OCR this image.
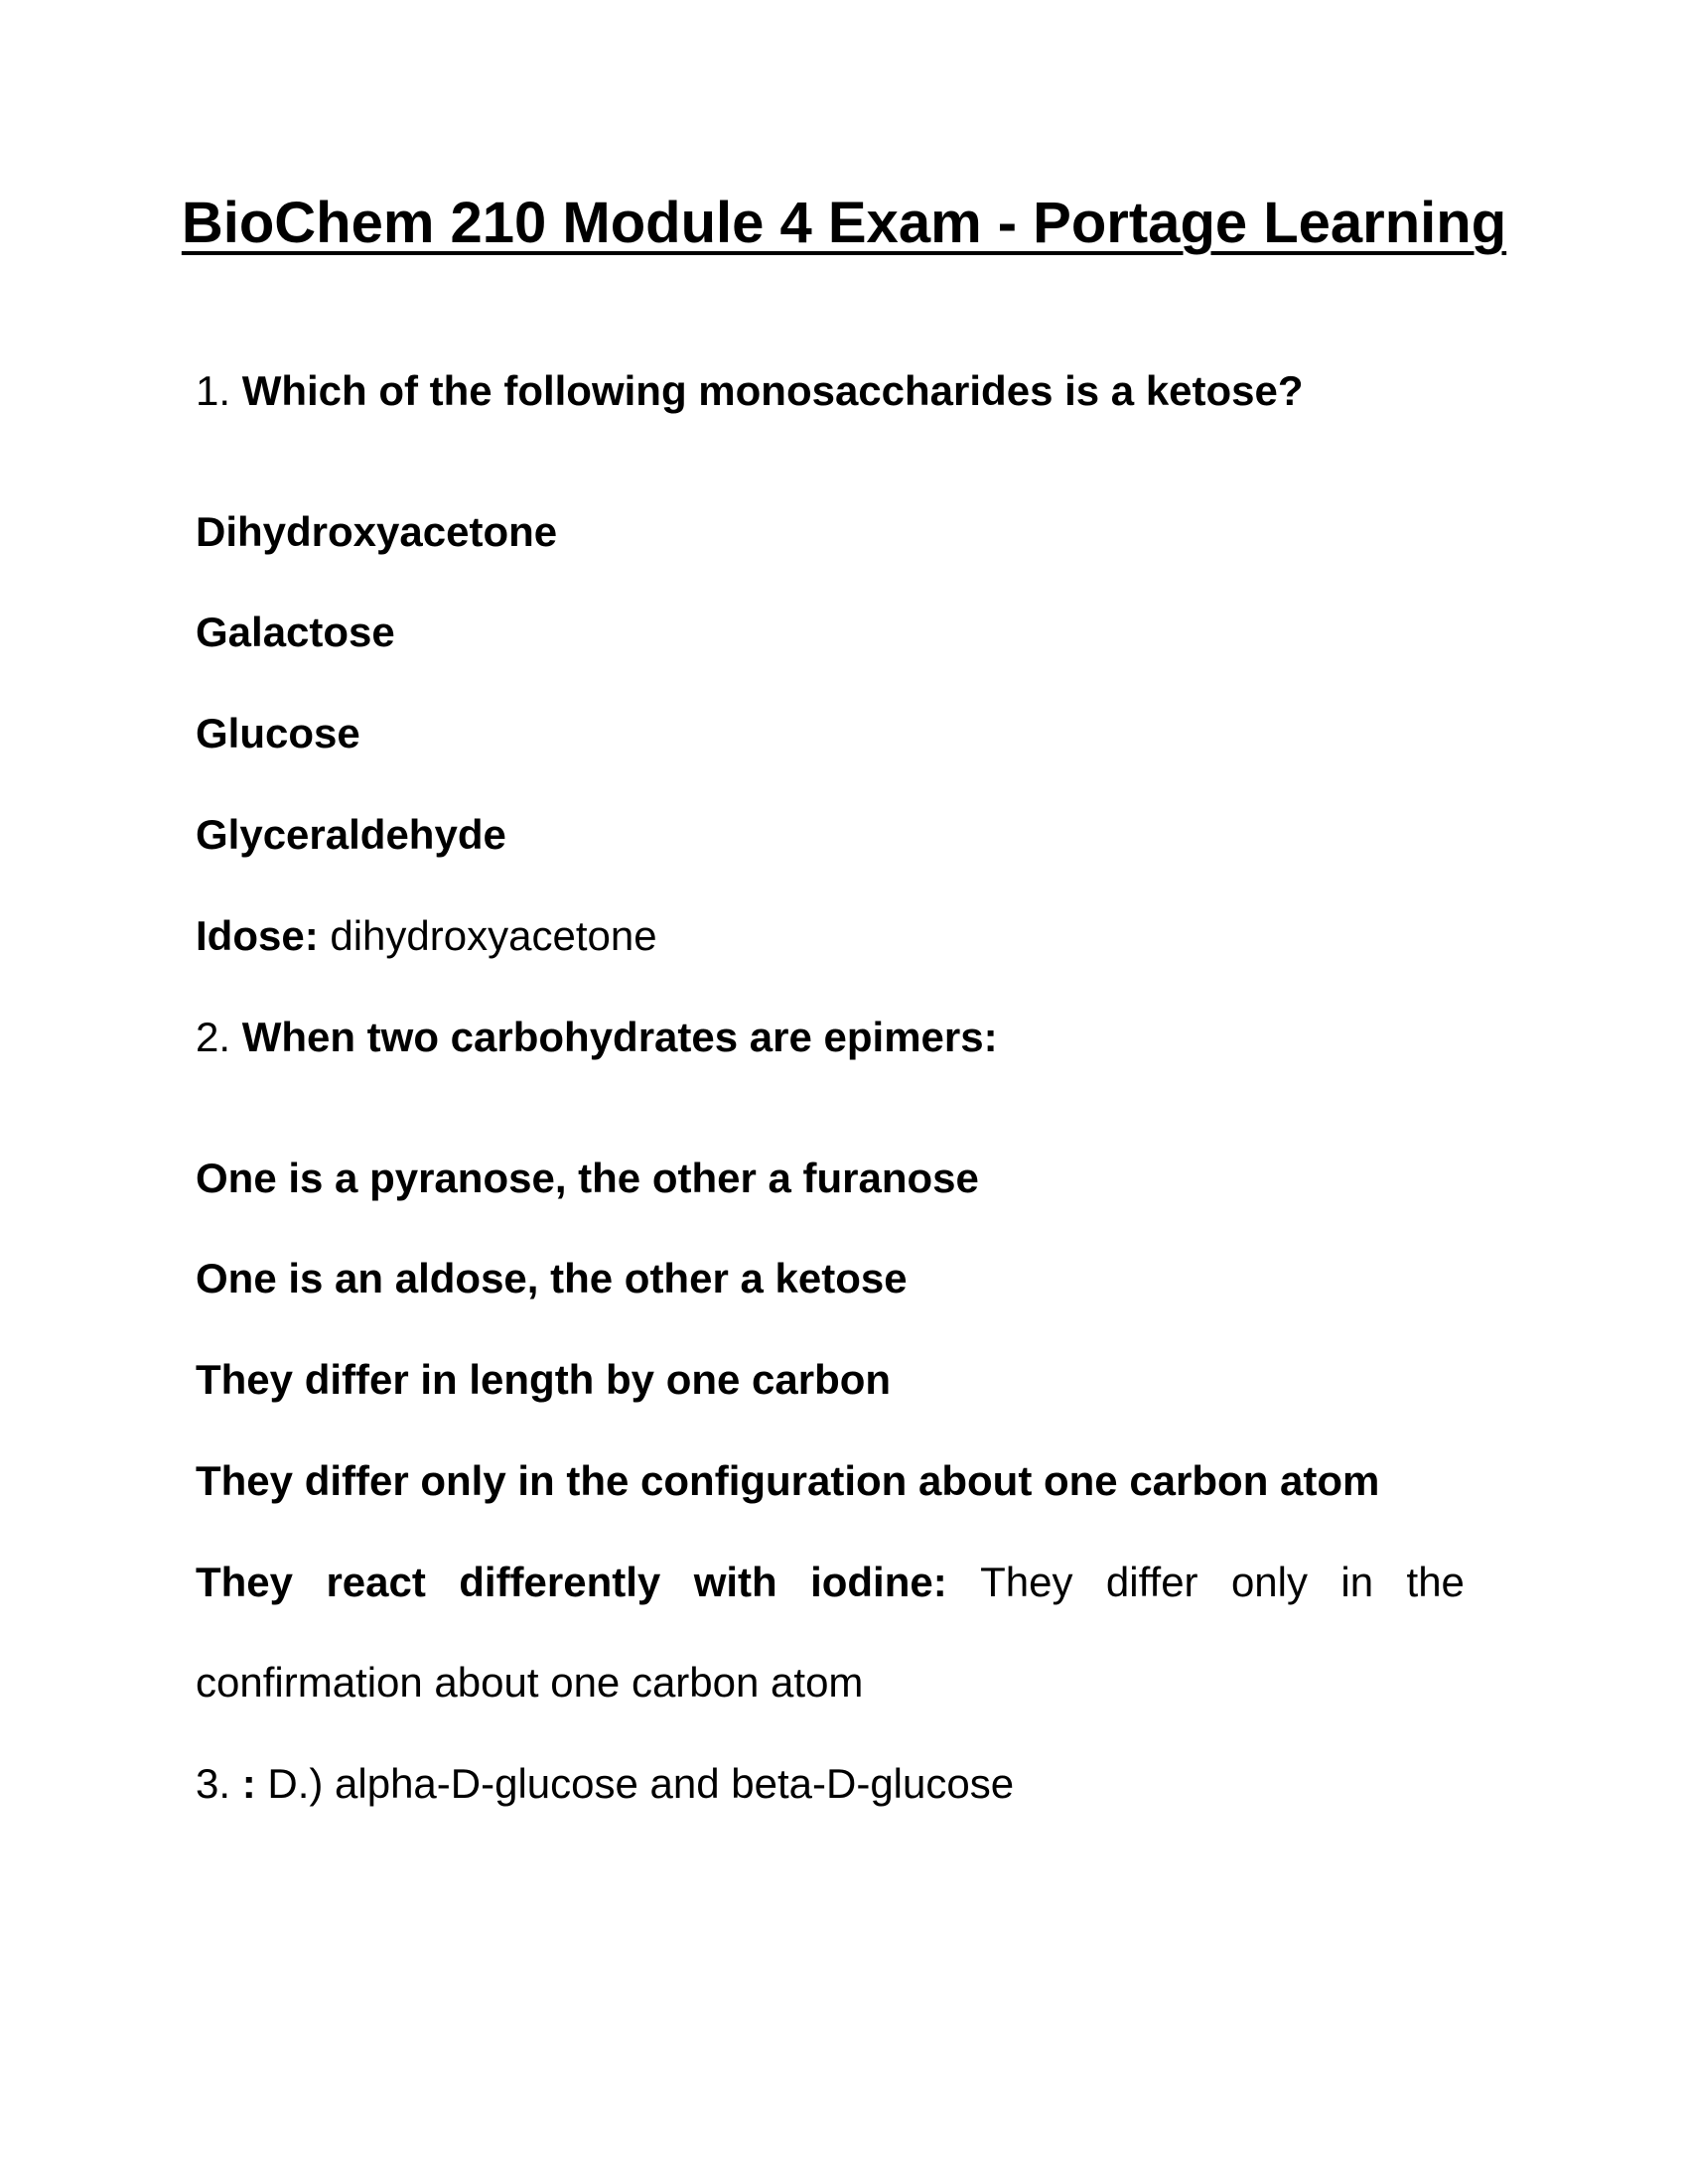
BioChem 210 Module 4 Exam - Portage Learning
1. Which of the following monosaccharides is a ketose?
Dihydroxyacetone
Galactose
Glucose
Glyceraldehyde
Idose: dihydroxyacetone
2. When two carbohydrates are epimers:
One is a pyranose, the other a furanose
One is an aldose, the other a ketose
They differ in length by one carbon
They differ only in the configuration about one carbon atom
They react differently with iodine: They differ only in the
confirmation about one carbon atom
3. : D.) alpha-D-glucose and beta-D-glucose
